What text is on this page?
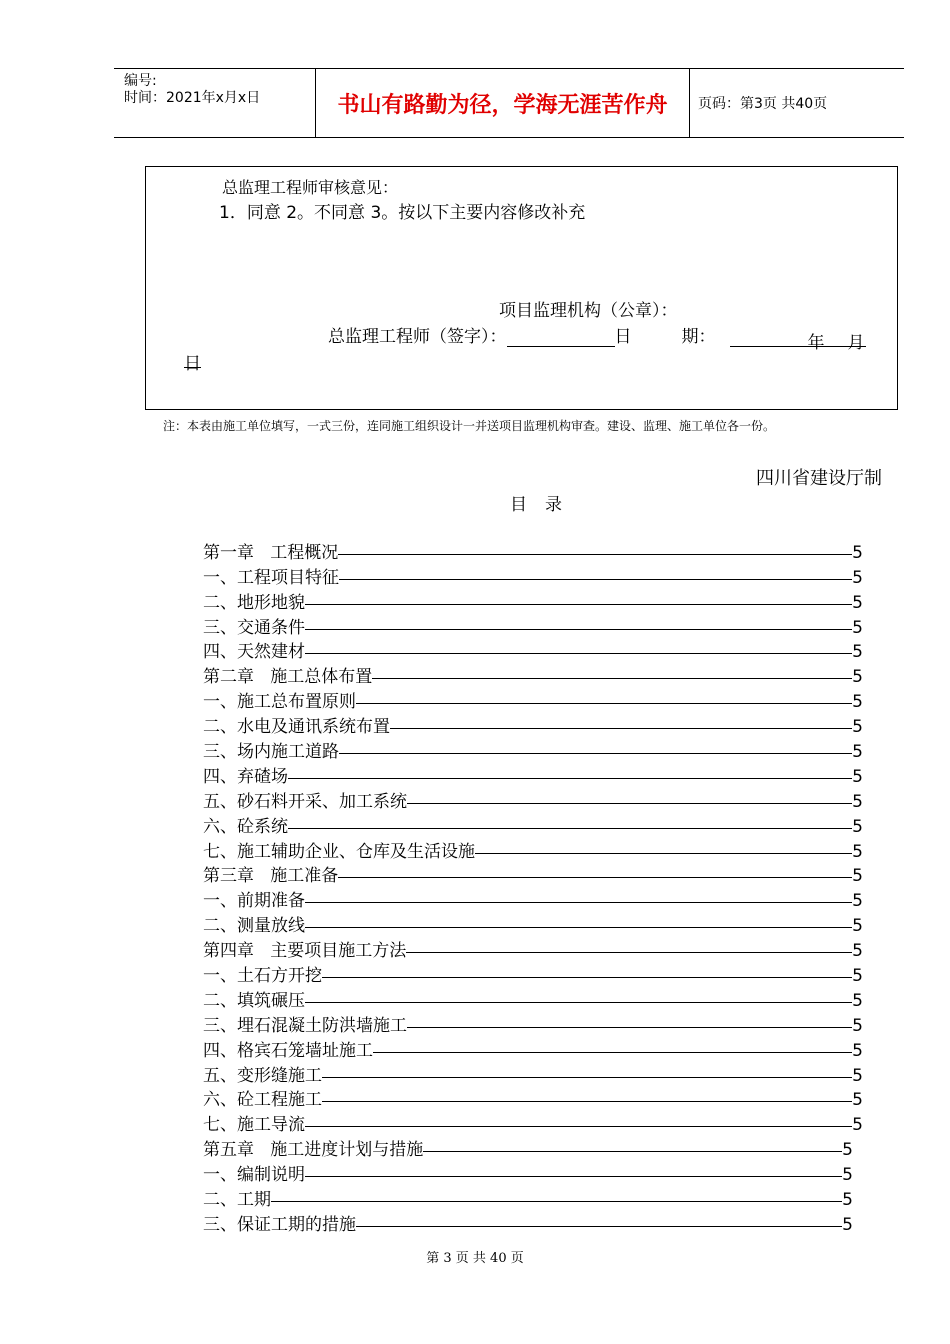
编号:
时间：2021年x月x日	书山有路勤为径，学海无涯苦作舟	页码：第3页 共40页
总监理工程师审核意见：
1．同意 2。不同意 3。按以下主要内容修改补充
项目监理机构（公章）：
总监理工程师（签字）：	日	期：	年 月
日
注：本表由施工单位填写，一式三份，连同施工组织设计一并送项目监理机构审查。建设、监理、施工单位各一份。
四川省建设厅制
目录
第一章   工程概况	5
一、工程项目特征	5
二、地形地貌	5
三、交通条件	5
四、天然建材	5
第二章   施工总体布置	5
一、施工总布置原则	5
二、水电及通讯系统布置	5
三、场内施工道路	5
四、弃碴场	5
五、砂石料开采、加工系统	5
六、砼系统	5
七、施工辅助企业、仓库及生活设施	5
第三章   施工准备	5
一、前期准备	5
二、测量放线	5
第四章   主要项目施工方法	5
一、土石方开挖	5
二、填筑碾压	5
三、埋石混凝土防洪墙施工	5
四、格宾石笼墙址施工	5
五、变形缝施工	5
六、砼工程施工	5
七、施工导流	5
第五章   施工进度计划与措施	5
一、编制说明	5
二、工期	5
三、保证工期的措施	5
第 3 页 共 40 页
